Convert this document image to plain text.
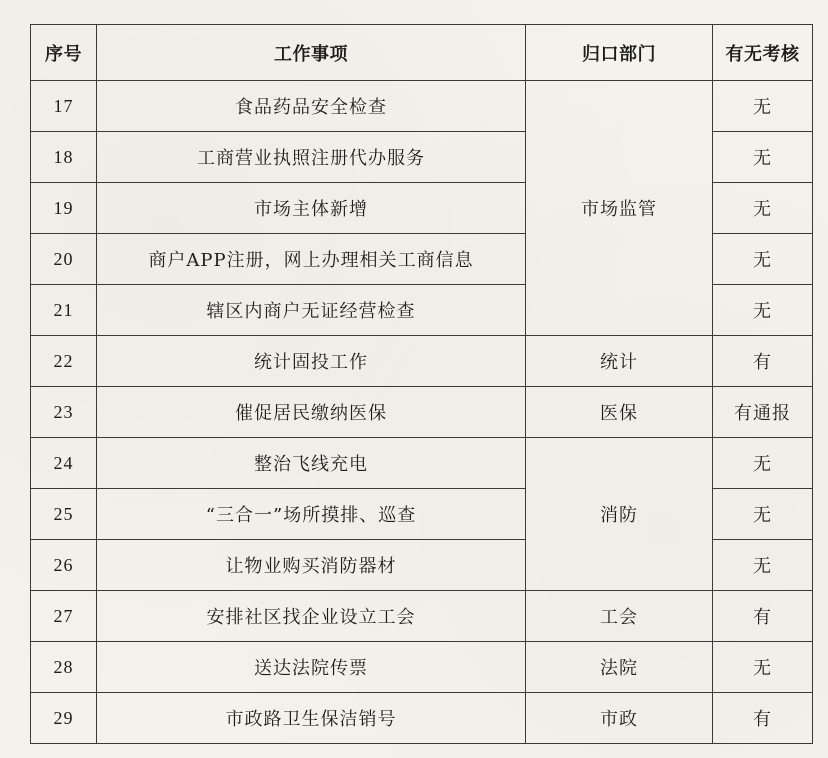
序号	工作事项	归口部门	有无考核
17	食品药品安全检查	市场监管	无
18	工商营业执照注册代办服务		无
19	市场主体新增		无
20	商户APP注册，网上办理相关工商信息		无
21	辖区内商户无证经营检查		无
22	统计固投工作	统计	有
23	催促居民缴纳医保	医保	有通报
24	整治飞线充电	消防	无
25	“三合一”场所摸排、巡查		无
26	让物业购买消防器材		无
27	安排社区找企业设立工会	工会	有
28	送达法院传票	法院	无
29	市政路卫生保洁销号	市政	有
